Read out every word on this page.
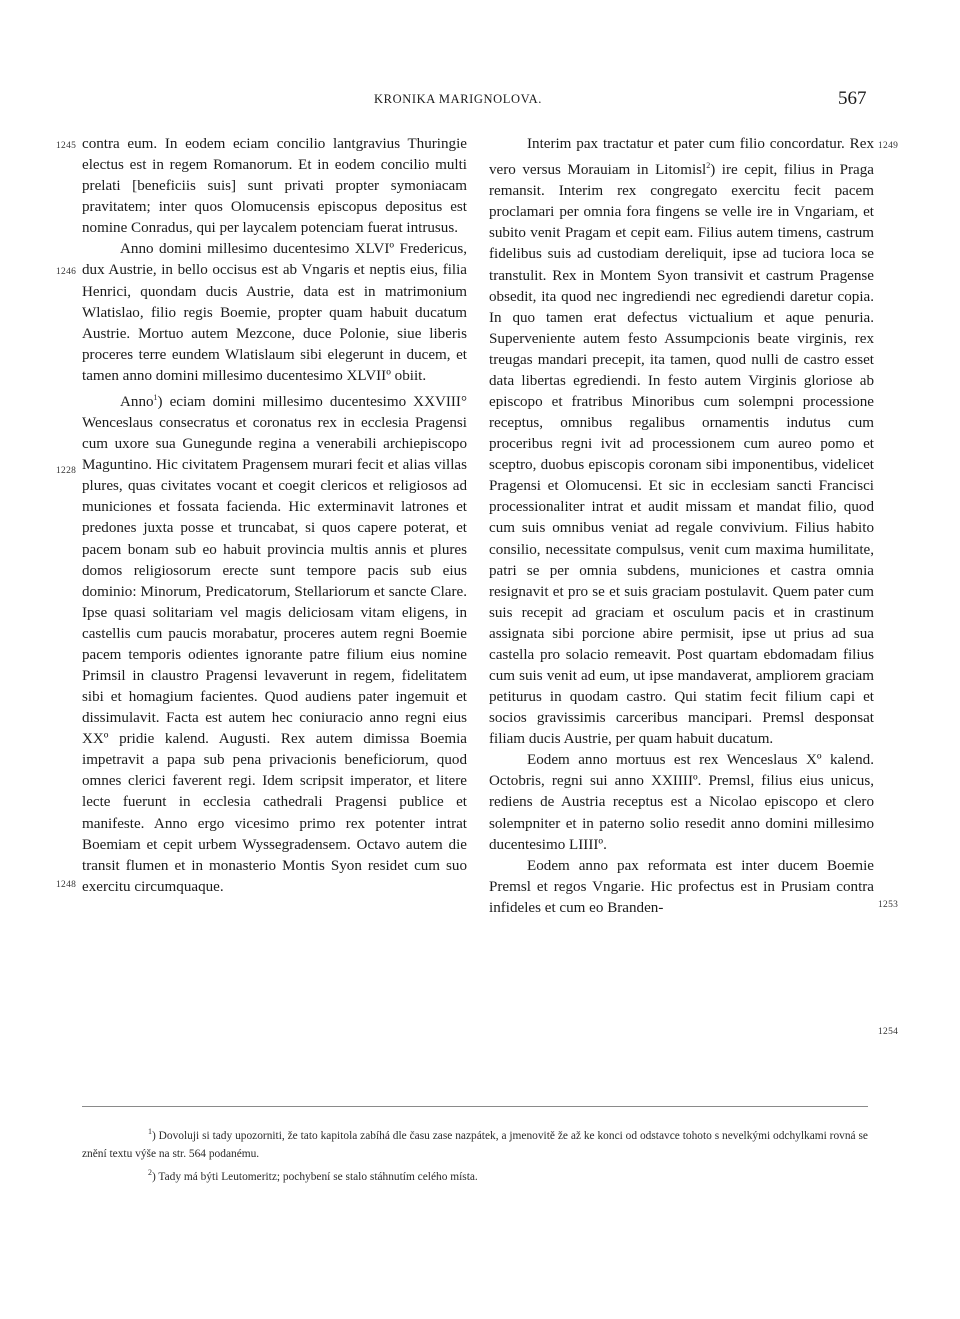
KRONIKA MARIGNOLOVA.	567
1245
1246
1228
1248
1249
1253
1254

contra eum. In eodem eciam concilio lantgravius Thuringie electus est in regem Romanorum. Et in eodem concilio multi prelati [beneficiis suis] sunt privati propter symoniacam pravitatem; inter quos Olomucensis episcopus depositus est nomine Conradus, qui per laycalem potenciam fuerat intrusus.

Anno domini millesimo ducentesimo XLVIº Fredericus, dux Austrie, in bello occisus est ab Vngaris et neptis eius, filia Henrici, quondam ducis Austrie, data est in matrimonium Wlatislao, filio regis Boemie, propter quam habuit ducatum Austrie. Mortuo autem Mezcone, duce Polonie, siue liberis proceres terre eundem Wlatislaum sibi elegerunt in ducem, et tamen anno domini millesimo ducentesimo XLVIIº obiit.

Anno$^1$) eciam domini millesimo ducentesimo XXVIII° Wenceslaus consecratus et coronatus rex in ecclesia Pragensi cum uxore sua Gunegunde regina a venerabili archiepiscopo Maguntino. Hic civitatem Pragensem murari fecit et alias villas plures, quas civitates vocant et coegit clericos et religiosos ad municiones et fossata facienda. Hic exterminavit latrones et predones juxta posse et truncabat, si quos capere poterat, et pacem bonam sub eo habuit provincia multis annis et plures domos religiosorum erecte sunt tempore pacis sub eius dominio: Minorum, Predicatorum, Stellariorum et sancte Clare. Ipse quasi solitariam vel magis deliciosam vitam eligens, in castellis cum paucis morabatur, proceres autem regni Boemie pacem temporis odientes ignorante patre filium eius nomine Primsil in claustro Pragensi levaverunt in regem, fidelitatem sibi et homagium facientes. Quod audiens pater ingemuit et dissimulavit. Facta est autem hec coniuracio anno regni eius XXº pridie kalend. Augusti. Rex autem dimissa Boemia impetravit a papa sub pena privacionis beneficiorum, quod omnes clerici faverent regi. Idem scripsit imperator, et litere lecte fuerunt in ecclesia cathedrali Pragensi publice et manifeste. Anno ergo vicesimo primo rex potenter intrat Boemiam et cepit urbem Wyssegradensem. Octavo autem die transit flumen et in monasterio Montis Syon residet cum suo exercitu circumquaque.

Interim pax tractatur et pater cum filio concordatur. Rex vero versus Morauiam in Litomisl$^2$) ire cepit, filius in Praga remansit. Interim rex congregato exercitu fecit pacem proclamari per omnia fora fingens se velle ire in Vngariam, et subito venit Pragam et cepit eam. Filius autem timens, castrum fidelibus suis ad custodiam dereliquit, ipse ad tuciora loca se transtulit. Rex in Montem Syon transivit et castrum Pragense obsedit, ita quod nec ingrediendi nec egrediendi daretur copia. In quo tamen erat defectus victualium et aque penuria. Superveniente autem festo Assumpcionis beate virginis, rex treugas mandari precepit, ita tamen, quod nulli de castro esset data libertas egrediendi. In festo autem Virginis gloriose ab episcopo et fratribus Minoribus cum solempni processione receptus, omnibus regalibus ornamentis indutus cum proceribus regni ivit ad processionem cum aureo pomo et sceptro, duobus episcopis coronam sibi imponentibus, videlicet Pragensi et Olomucensi. Et sic in ecclesiam sancti Francisci processionaliter intrat et audit missam et mandat filio, quod cum suis omnibus veniat ad regale convivium. Filius habito consilio, necessitate compulsus, venit cum maxima humilitate, patri se per omnia subdens, municiones et castra omnia resignavit et pro se et suis graciam postulavit. Quem pater cum suis recepit ad graciam et osculum pacis et in crastinum assignata sibi porcione abire permisit, ipse ut prius ad sua castella pro solacio remeavit. Post quartam ebdomadam filius cum suis venit ad eum, ut ipse mandaverat, ampliorem graciam petiturus in quodam castro. Qui statim fecit filium capi et socios gravissimis carceribus mancipari. Premsl desponsat filiam ducis Austrie, per quam habuit ducatum.

Eodem anno mortuus est rex Wenceslaus Xº kalend. Octobris, regni sui anno XXIIIIº. Premsl, filius eius unicus, rediens de Austria receptus est a Nicolao episcopo et clero solempniter et in paterno solio resedit anno domini millesimo ducentesimo LIIIIº.

Eodem anno pax reformata est inter ducem Boemie Premsl et regos Vngarie. Hic profectus est in Prusiam contra infideles et cum eo Branden-

$^1$) Dovoluji si tady upozorniti, že tato kapitola zabíhá dle času zase nazpátek, a jmenovitě že až ke konci od odstavce tohoto s nevelkými odchylkami rovná se znění textu výše na str. 564 podanému.

$^2$) Tady má býti Leutomeritz; pochybení se stalo stáhnutím celého místa.
